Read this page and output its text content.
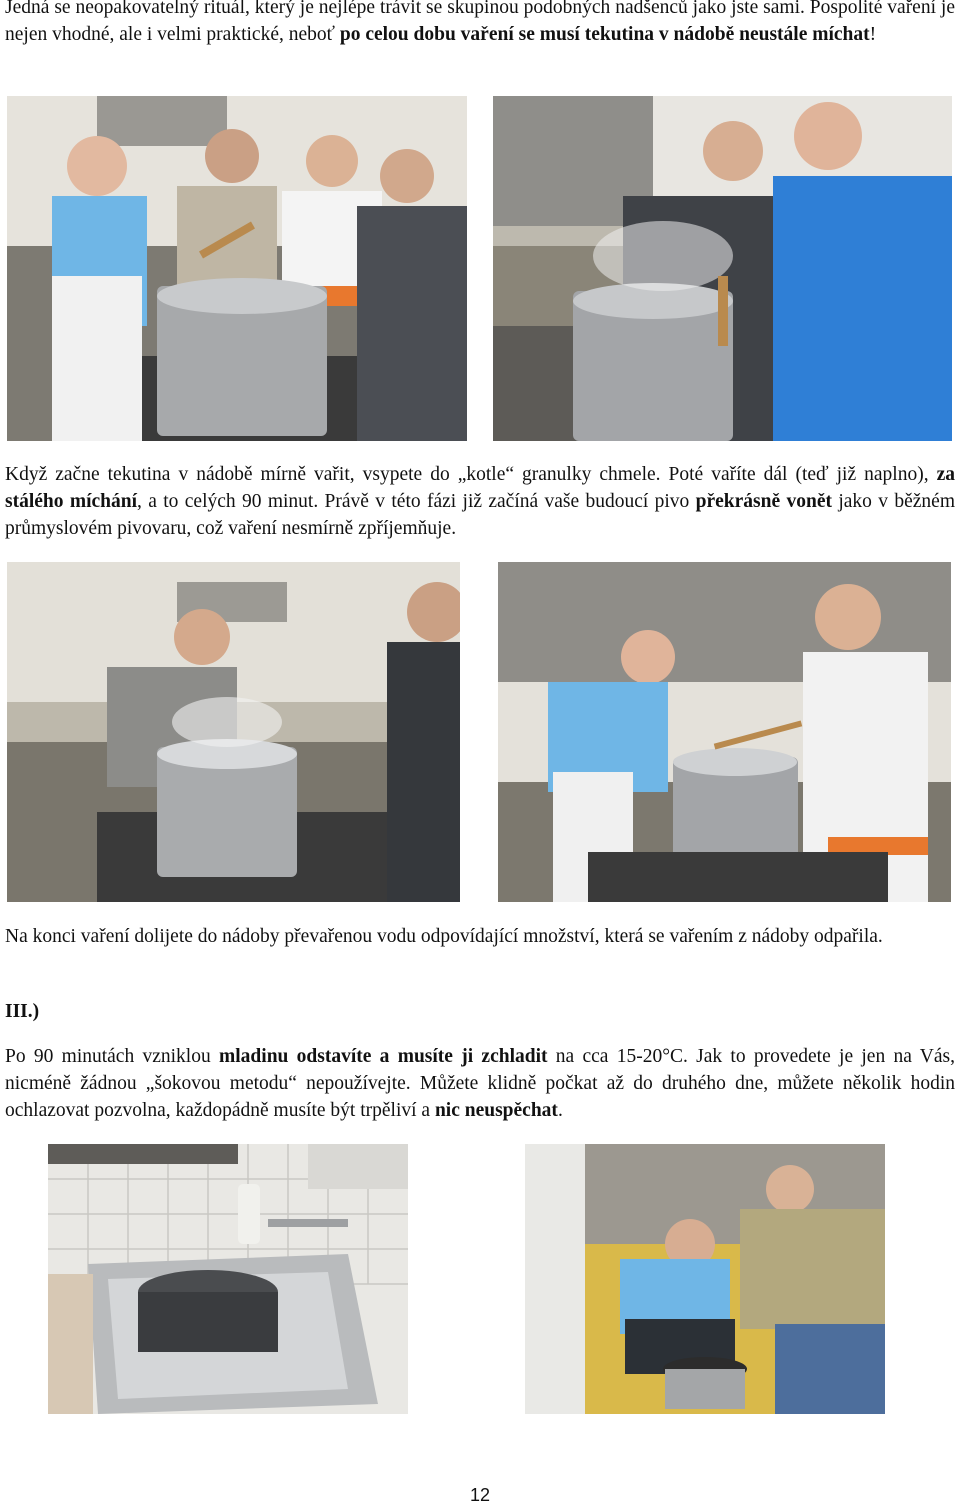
Jedná se neopakovatelný rituál, který je nejlépe trávit se skupinou podobných nadšenců jako jste sami. Pospolité vaření je nejen vhodné, ale i velmi praktické, neboť po celou dobu vaření se musí tekutina v nádobě neustále míchat!

Když začne tekutina v nádobě mírně vařit, vsypete do „kotle“ granulky chmele. Poté vaříte dál (teď již naplno), za stálého míchání, a to celých 90 minut. Právě v této fázi již začíná vaše budoucí pivo překrásně vonět jako v běžném průmyslovém pivovaru, což vaření nesmírně zpříjemňuje.

Na konci vaření dolijete do nádoby převařenou vodu odpovídající množství, která se vařením z nádoby odpařila.

III.)

Po 90 minutách vzniklou mladinu odstavíte a musíte ji zchladit na cca 15-20°C. Jak to provedete je jen na Vás, nicméně žádnou „šokovou metodu“ nepoužívejte. Můžete klidně počkat až do druhého dne, můžete několik hodin ochlazovat pozvolna, každopádně musíte být trpěliví a nic neuspěchat.

12
